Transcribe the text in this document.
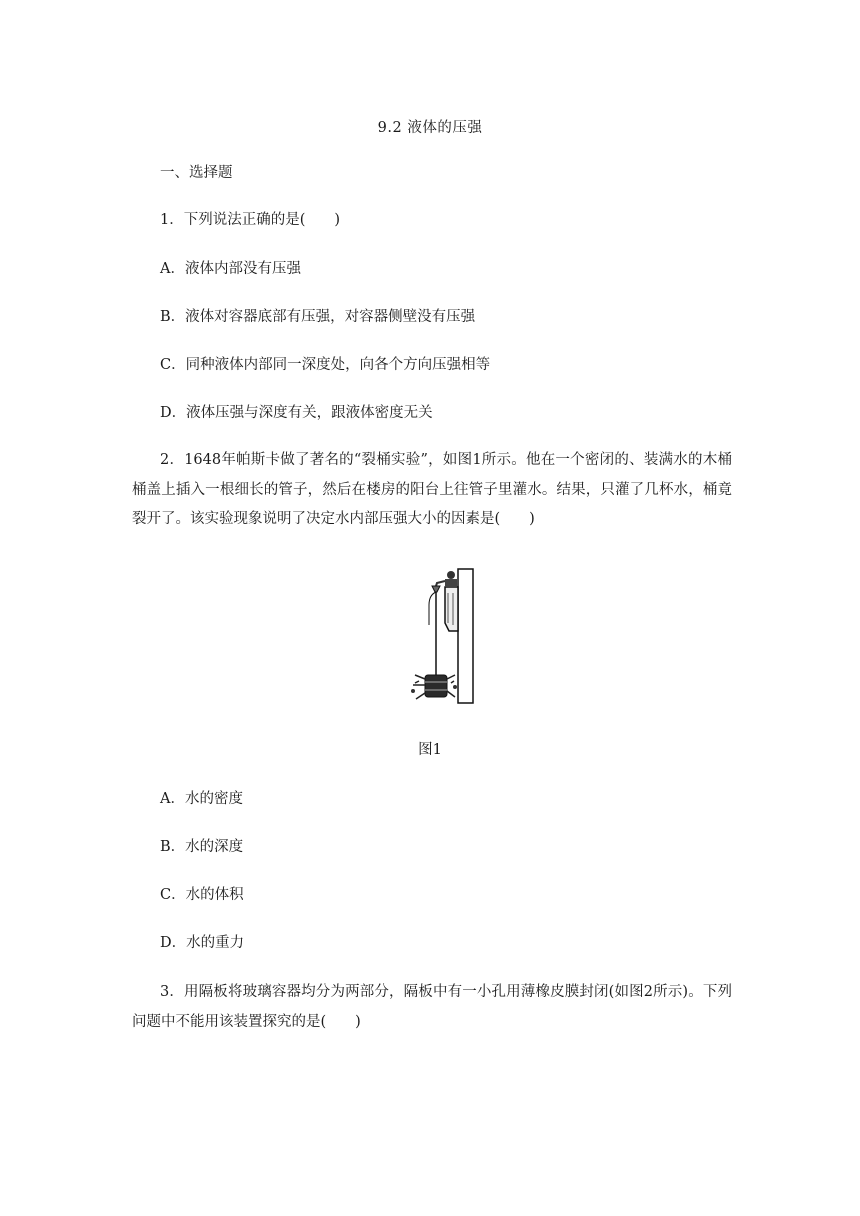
9.2 液体的压强
一、选择题
1．下列说法正确的是(　　)
A．液体内部没有压强
B．液体对容器底部有压强，对容器侧壁没有压强
C．同种液体内部同一深度处，向各个方向压强相等
D．液体压强与深度有关，跟液体密度无关
2．1648年帕斯卡做了著名的“裂桶实验”，如图1所示。他在一个密闭的、装满水的木桶桶盖上插入一根细长的管子，然后在楼房的阳台上往管子里灌水。结果，只灌了几杯水，桶竟裂开了。该实验现象说明了决定水内部压强大小的因素是(　　)
图1
A．水的密度
B．水的深度
C．水的体积
D．水的重力
3．用隔板将玻璃容器均分为两部分，隔板中有一小孔用薄橡皮膜封闭(如图2所示)。下列问题中不能用该装置探究的是(　　)
